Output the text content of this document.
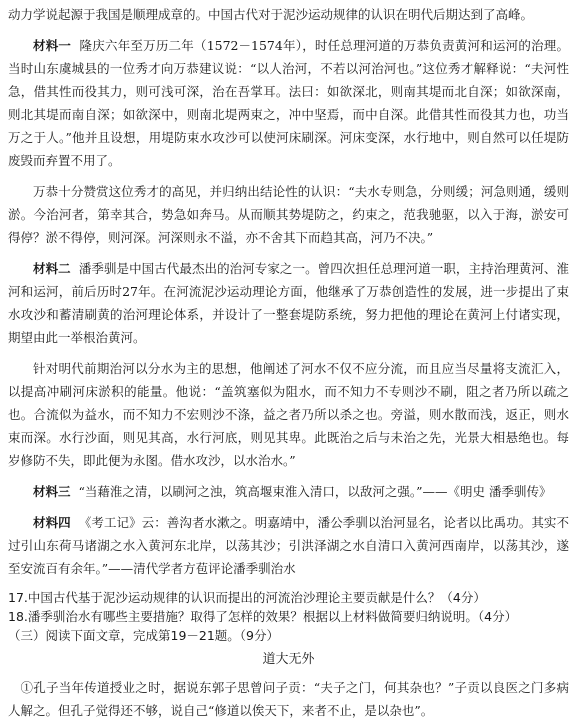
动力学说起源于我国是顺理成章的。中国古代对于泥沙运动规律的认识在明代后期达到了高峰。

材料一 隆庆六年至万历二年（1572－1574年），时任总理河道的万恭负责黄河和运河的治理。当时山东虞城县的一位秀才向万恭建议说：“以人治河，不若以河治河也。”这位秀才解释说：“夫河性急，借其性而役其力，则可浅可深，治在吾掌耳。法曰：如欲深北，则南其堤而北自深；如欲深南，则北其堤而南自深；如欲深中，则南北堤两束之，冲中坚焉，而中自深。此借其性而役其力也，功当万之于人。”他并且设想，用堤防束水攻沙可以使河床刷深。河床变深，水行地中，则自然可以任堤防废毁而弃置不用了。

万恭十分赞赏这位秀才的高见，并归纳出结论性的认识：“夫水专则急，分则缓；河急则通，缓则淤。今治河者，第幸其合，势急如奔马。从而顺其势堤防之，约束之，范我驰驱，以入于海，淤安可得停？淤不得停，则河深。河深则永不溢，亦不舍其下而趋其高，河乃不决。”

材料二 潘季驯是中国古代最杰出的治河专家之一。曾四次担任总理河道一职，主持治理黄河、淮河和运河，前后历时27年。在河流泥沙运动理论方面，他继承了万恭创造性的发展，进一步提出了束水攻沙和蓄清刷黄的治河理论体系，并设计了一整套堤防系统，努力把他的理论在黄河上付诸实现，期望由此一举根治黄河。

针对明代前期治河以分水为主的思想，他阐述了河水不仅不应分流，而且应当尽量将支流汇入，以提高冲刷河床淤积的能量。他说：“盖筑塞似为阻水，而不知力不专则沙不刷，阻之者乃所以疏之也。合流似为益水，而不知力不宏则沙不涤，益之者乃所以杀之也。旁溢，则水散而浅，返正，则水束而深。水行沙面，则见其高，水行河底，则见其卑。此既治之后与未治之先，光景大相悬绝也。每岁修防不失，即此便为永图。借水攻沙，以水治水。”

材料三 “当藉淮之清，以刷河之浊，筑高堰束淮入清口，以敌河之强。”——《明史 潘季驯传》

材料四 《考工记》云：善沟者水漱之。明嘉靖中，潘公季驯以治河显名，论者以比禹功。其实不过引山东荷马诸湖之水入黄河东北岸，以荡其沙；引洪泽湖之水自清口入黄河西南岸，以荡其沙，遂至安流百有余年。”——清代学者方苞评论潘季驯治水

17.中国古代基于泥沙运动规律的认识而提出的河流治沙理论主要贡献是什么？（4分）

18.潘季驯治水有哪些主要措施？取得了怎样的效果？根据以上材料做简要归纳说明。（4分）

（三）阅读下面文章，完成第19－21题。（9分）

道大无外

①孔子当年传道授业之时，据说东郭子思曾问子贡：“夫子之门，何其杂也？”子贡以良医之门多病人解之。但孔子觉得还不够，说自己“修道以俟天下，来者不止，是以杂也”。
